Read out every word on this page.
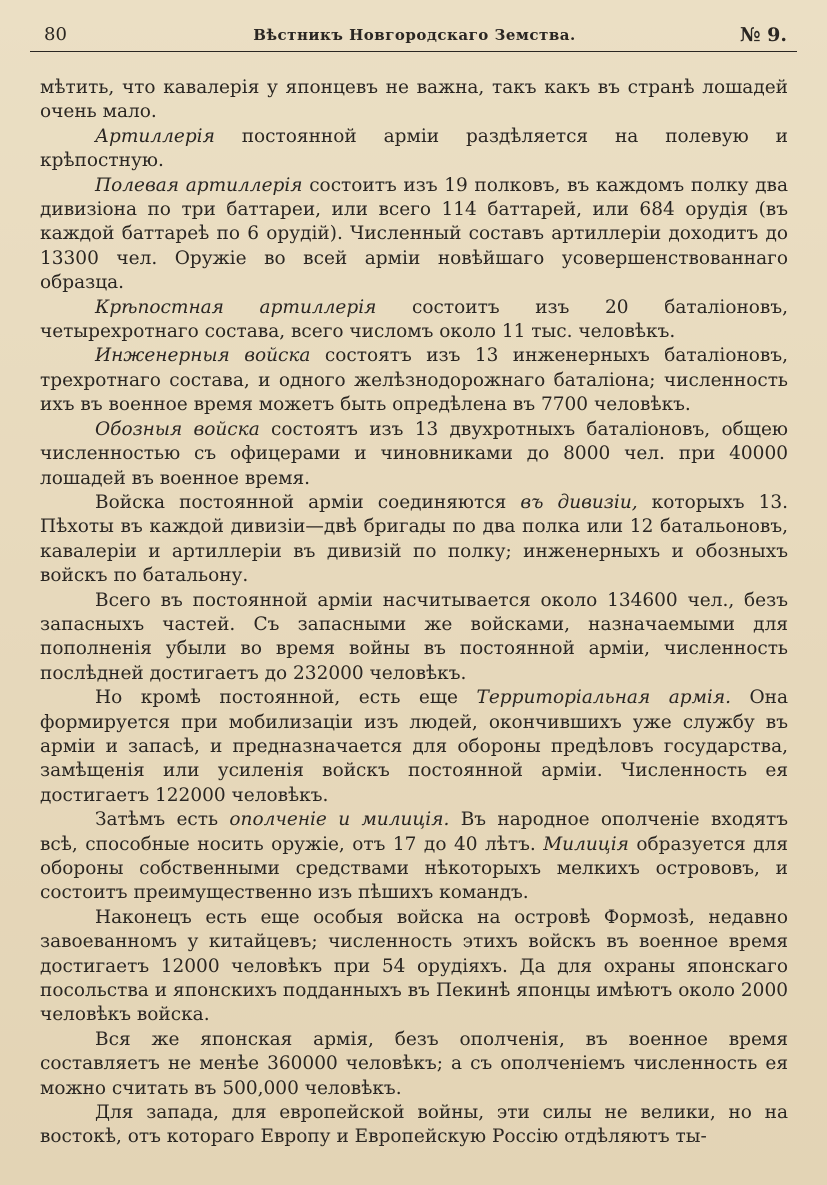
80	Вѣстникъ Новгородскаго Земства.	№ 9.

мѣтить, что кавалерія у японцевъ не важна, такъ какъ въ странѣ лошадей очень мало.

Артиллерія постоянной арміи раздѣляется на полевую и крѣпостную.

Полевая артиллерія состоитъ изъ 19 полковъ, въ каждомъ полку два дивизіона по три баттареи, или всего 114 баттарей, или 684 орудія (въ каждой баттареѣ по 6 орудій). Численный составъ артиллеріи доходитъ до 13300 чел. Оружіе во всей арміи новѣйшаго усовершенствованнаго образца.

Крѣпостная артиллерія состоитъ изъ 20 баталіоновъ, четырехротнаго состава, всего числомъ около 11 тыс. человѣкъ.

Инженерныя войска состоятъ изъ 13 инженерныхъ баталіоновъ, трехротнаго состава, и одного желѣзнодорожнаго баталіона; численность ихъ въ военное время можетъ быть опредѣлена въ 7700 человѣкъ.

Обозныя войска состоятъ изъ 13 двухротныхъ баталіоновъ, общею численностью съ офицерами и чиновниками до 8000 чел. при 40000 лошадей въ военное время.

Войска постоянной арміи соединяются въ дивизіи, которыхъ 13. Пѣхоты въ каждой дивизіи—двѣ бригады по два полка или 12 батальоновъ, кавалеріи и артиллеріи въ дивизій по полку; инженерныхъ и обозныхъ войскъ по батальону.

Всего въ постоянной арміи насчитывается около 134600 чел., безъ запасныхъ частей. Съ запасными же войсками, назначаемыми для пополненія убыли во время войны въ постоянной арміи, численность послѣдней достигаетъ до 232000 человѣкъ.

Но кромѣ постоянной, есть еще Территоріальная армія. Она формируется при мобилизаціи изъ людей, окончившихъ уже службу въ арміи и запасѣ, и предназначается для обороны предѣловъ государства, замѣщенія или усиленія войскъ постоянной арміи. Численность ея достигаетъ 122000 человѣкъ.

Затѣмъ есть ополченіе и милиція. Въ народное ополченіе входятъ всѣ, способные носить оружіе, отъ 17 до 40 лѣтъ. Милиція образуется для обороны собственными средствами нѣкоторыхъ мелкихъ острововъ, и состоитъ преимущественно изъ пѣшихъ командъ.

Наконецъ есть еще особыя войска на островѣ Формозѣ, недавно завоеванномъ у китайцевъ; численность этихъ войскъ въ военное время достигаетъ 12000 человѣкъ при 54 орудіяхъ. Да для охраны японскаго посольства и японскихъ подданныхъ въ Пекинѣ японцы имѣютъ около 2000 человѣкъ войска.

Вся же японская армія, безъ ополченія, въ военное время составляетъ не менѣе 360000 человѣкъ; а съ ополченіемъ численность ея можно считать въ 500,000 человѣкъ.

Для запада, для европейской войны, эти силы не велики, но на востокѣ, отъ котораго Европу и Европейскую Россію отдѣляютъ ты-
